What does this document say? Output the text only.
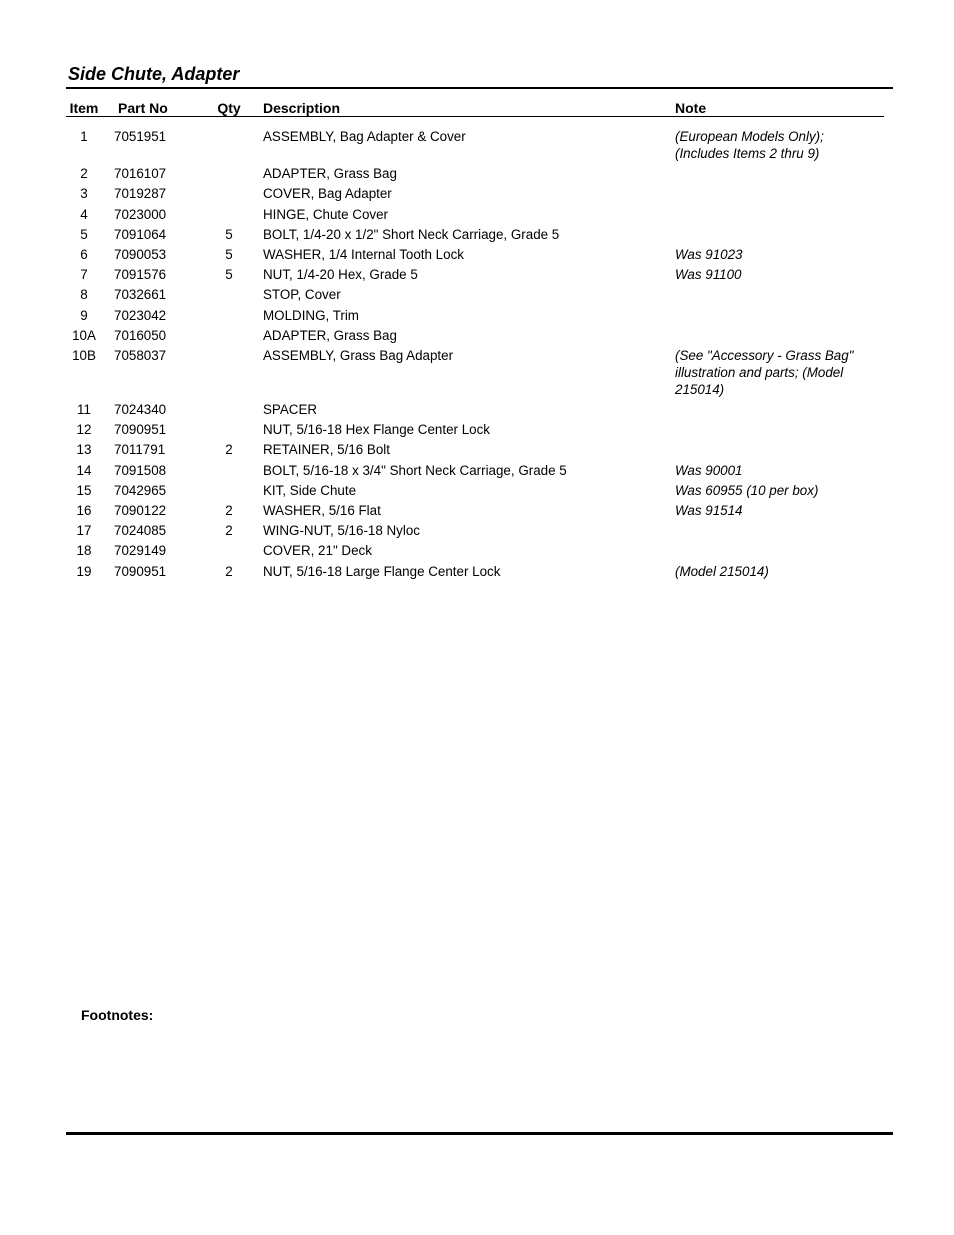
Side Chute, Adapter
Item	Part No	Qty Description	Note
1	7051951	ASSEMBLY, Bag Adapter & Cover	(European Models Only);
(Includes Items 2 thru 9)
2	7016107	ADAPTER, Grass Bag
3	7019287	COVER, Bag Adapter
4	7023000	HINGE, Chute Cover
5	7091064	5	BOLT, 1/4-20 x 1/2" Short Neck Carriage, Grade 5
6	7090053	5	WASHER, 1/4 Internal Tooth Lock	Was 91023
7	7091576	5	NUT, 1/4-20 Hex, Grade 5	Was 91100
8	7032661	STOP, Cover
9	7023042	MOLDING, Trim
10A	7016050	ADAPTER, Grass Bag
10B	7058037	ASSEMBLY, Grass Bag Adapter	(See "Accessory - Grass Bag"
illustration and parts; (Model
215014)
11	7024340	SPACER
12	7090951	NUT, 5/16-18 Hex Flange Center Lock
13	7011791	2	RETAINER, 5/16 Bolt
14	7091508	BOLT, 5/16-18 x 3/4" Short Neck Carriage, Grade 5	Was 90001
15	7042965	KIT, Side Chute	Was 60955 (10 per box)
16	7090122	2	WASHER, 5/16 Flat	Was 91514
17	7024085	2	WING-NUT, 5/16-18 Nyloc
18	7029149	COVER, 21" Deck
19	7090951	2	NUT, 5/16-18 Large Flange Center Lock	(Model 215014)
Footnotes:
